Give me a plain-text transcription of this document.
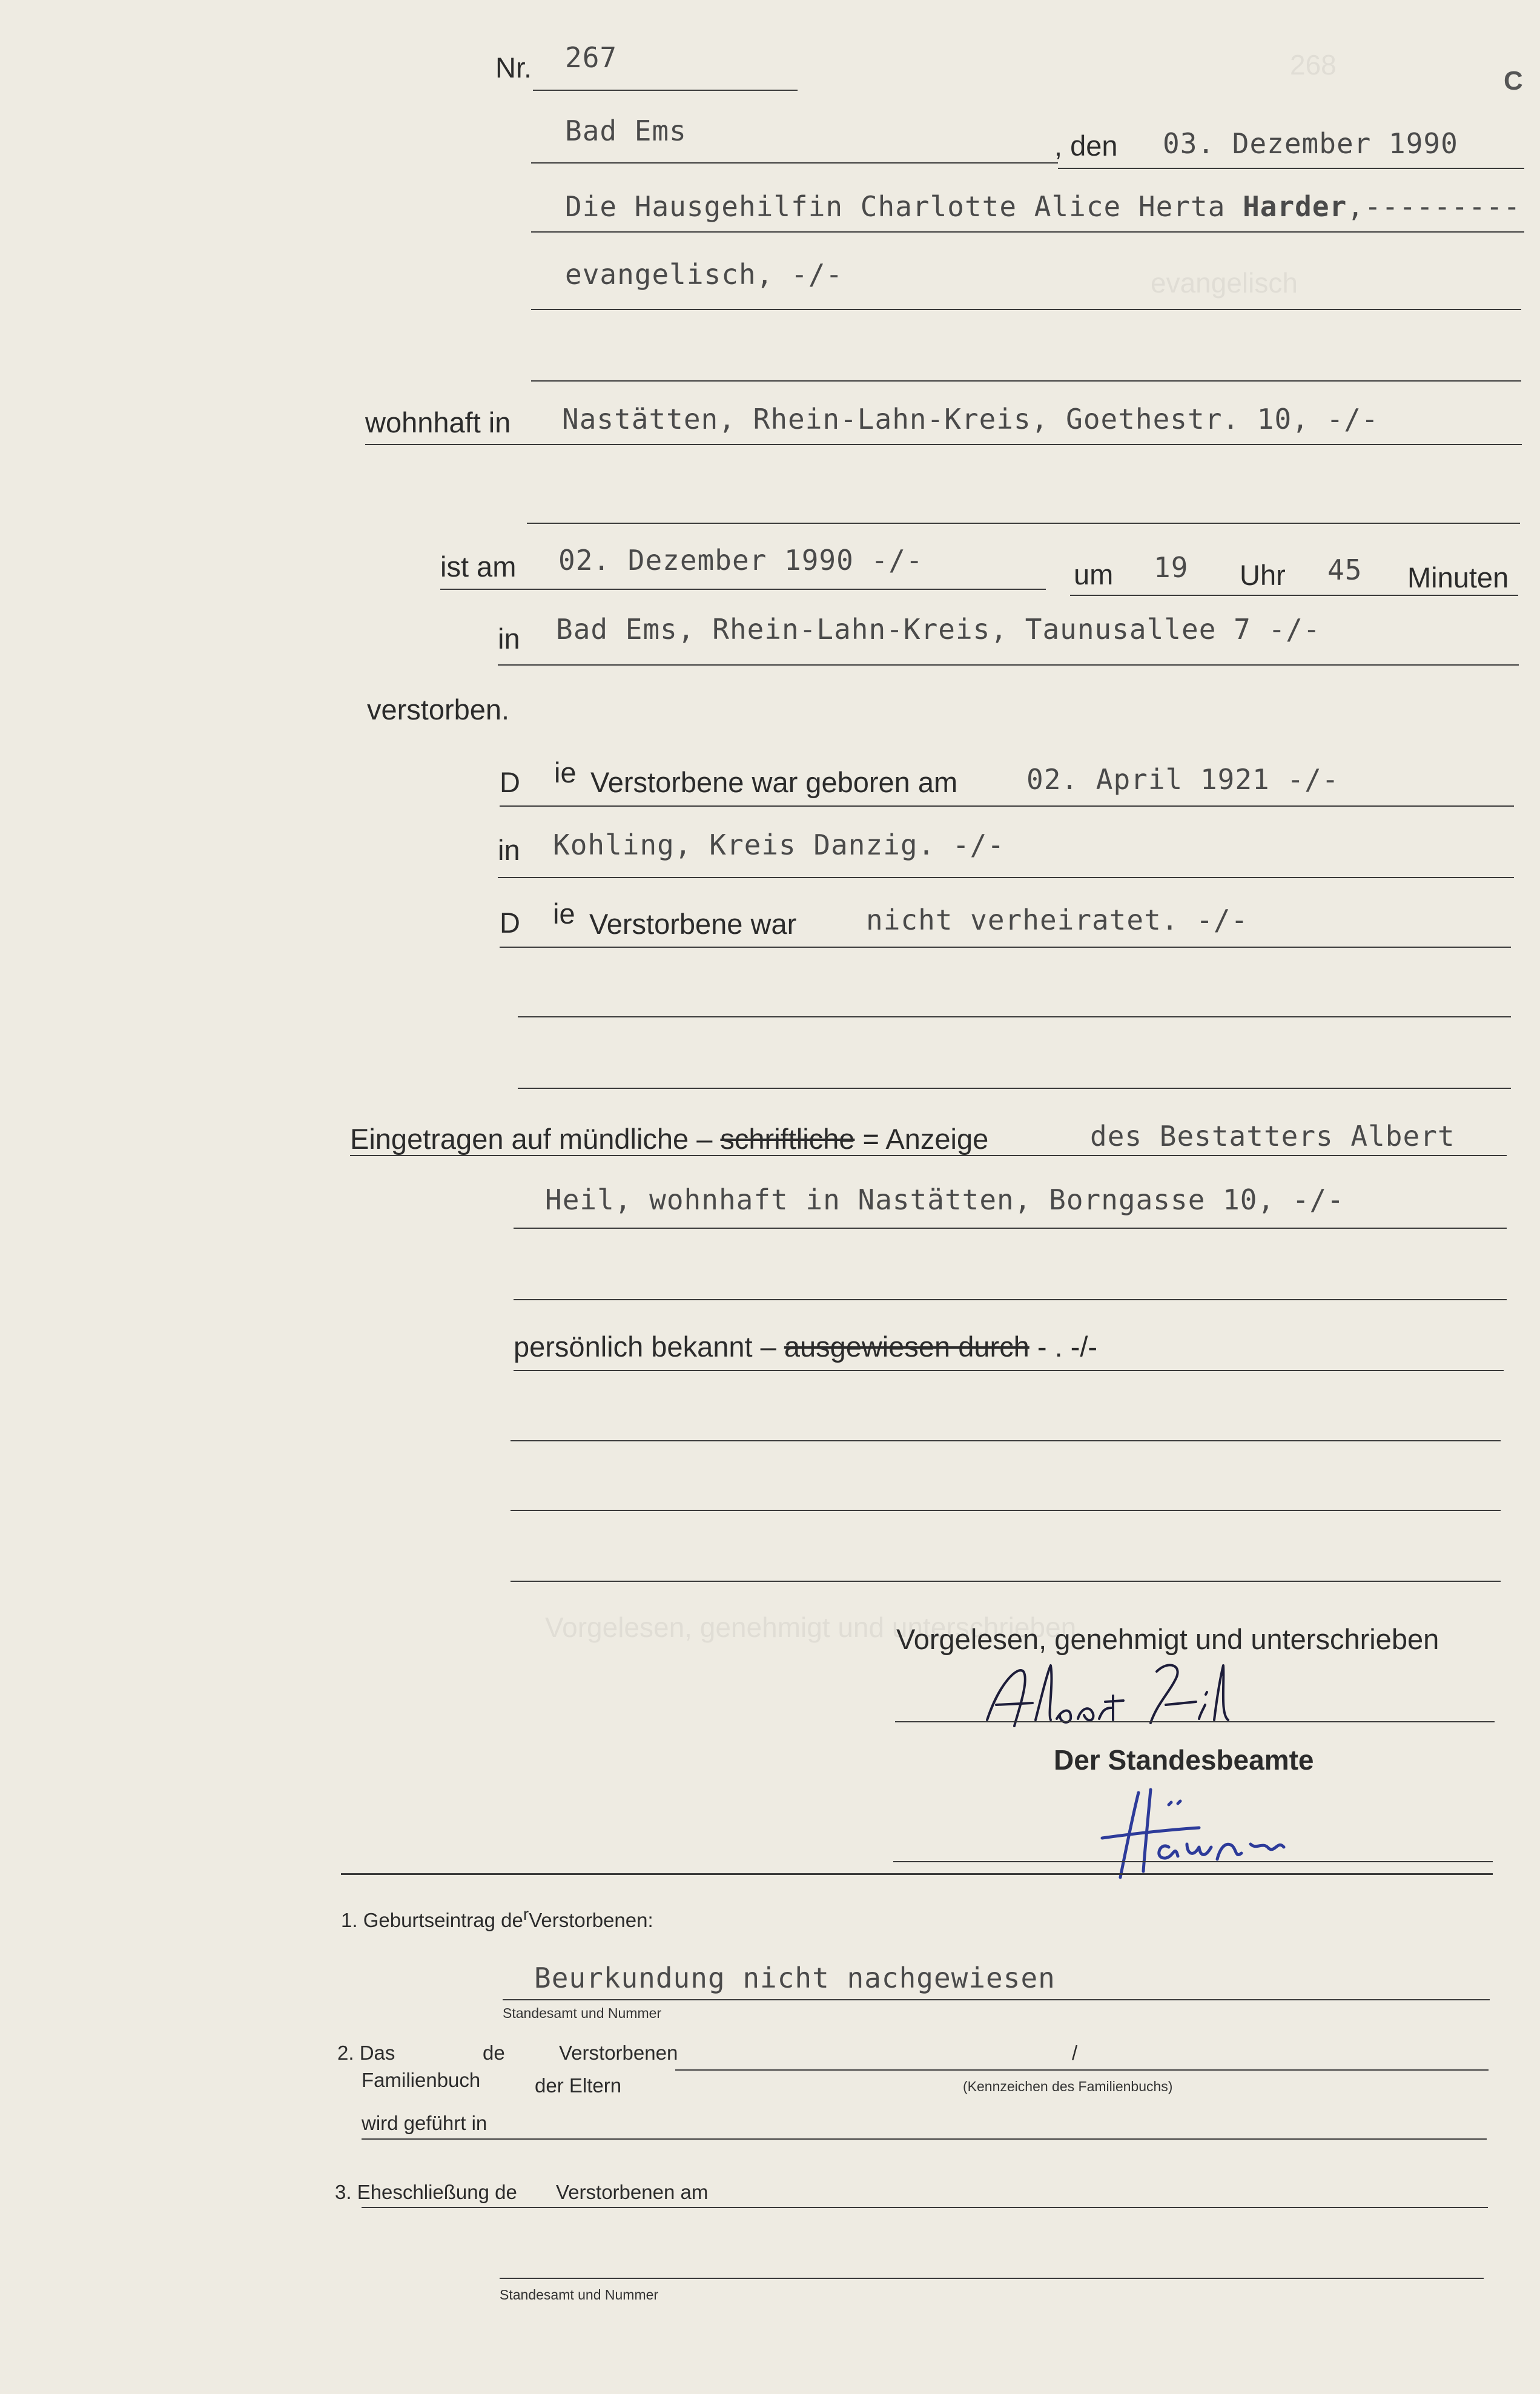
268
evangelisch
Vorgelesen, genehmigt und unterschrieben
C
Nr. 267
Bad Ems	, den 03. Dezember 1990
Die Hausgehilfin Charlotte Alice Herta Harder,---------
evangelisch, -/-
wohnhaft in Nastätten, Rhein-Lahn-Kreis, Goethestr. 10, -/-
ist am 02. Dezember 1990 -/-	um 19 Uhr 45 Minuten
in Bad Ems, Rhein-Lahn-Kreis, Taunusallee 7 -/-
verstorben.
D ie Verstorbene war geboren am 02. April 1921 -/-
in Kohling, Kreis Danzig. -/-
D ie Verstorbene war nicht verheiratet. -/-
Eingetragen auf mündliche – schriftliche = Anzeige	des Bestatters Albert
Heil, wohnhaft in Nastätten, Borngasse 10, -/-
persönlich bekannt – ausgewiesen durch - . -/-
Vorgelesen, genehmigt und unterschrieben
Der Standesbeamte
1. Geburtseintrag $de^rVerstorbenen$:
Beurkundung nicht nachgewiesen
Standesamt und Nummer
2. Das
Familienbuch
de	Verstorbenen
der Eltern
/
(Kennzeichen des Familienbuchs)
wird geführt in
3. Eheschließung de Verstorbenen am
Standesamt und Nummer
